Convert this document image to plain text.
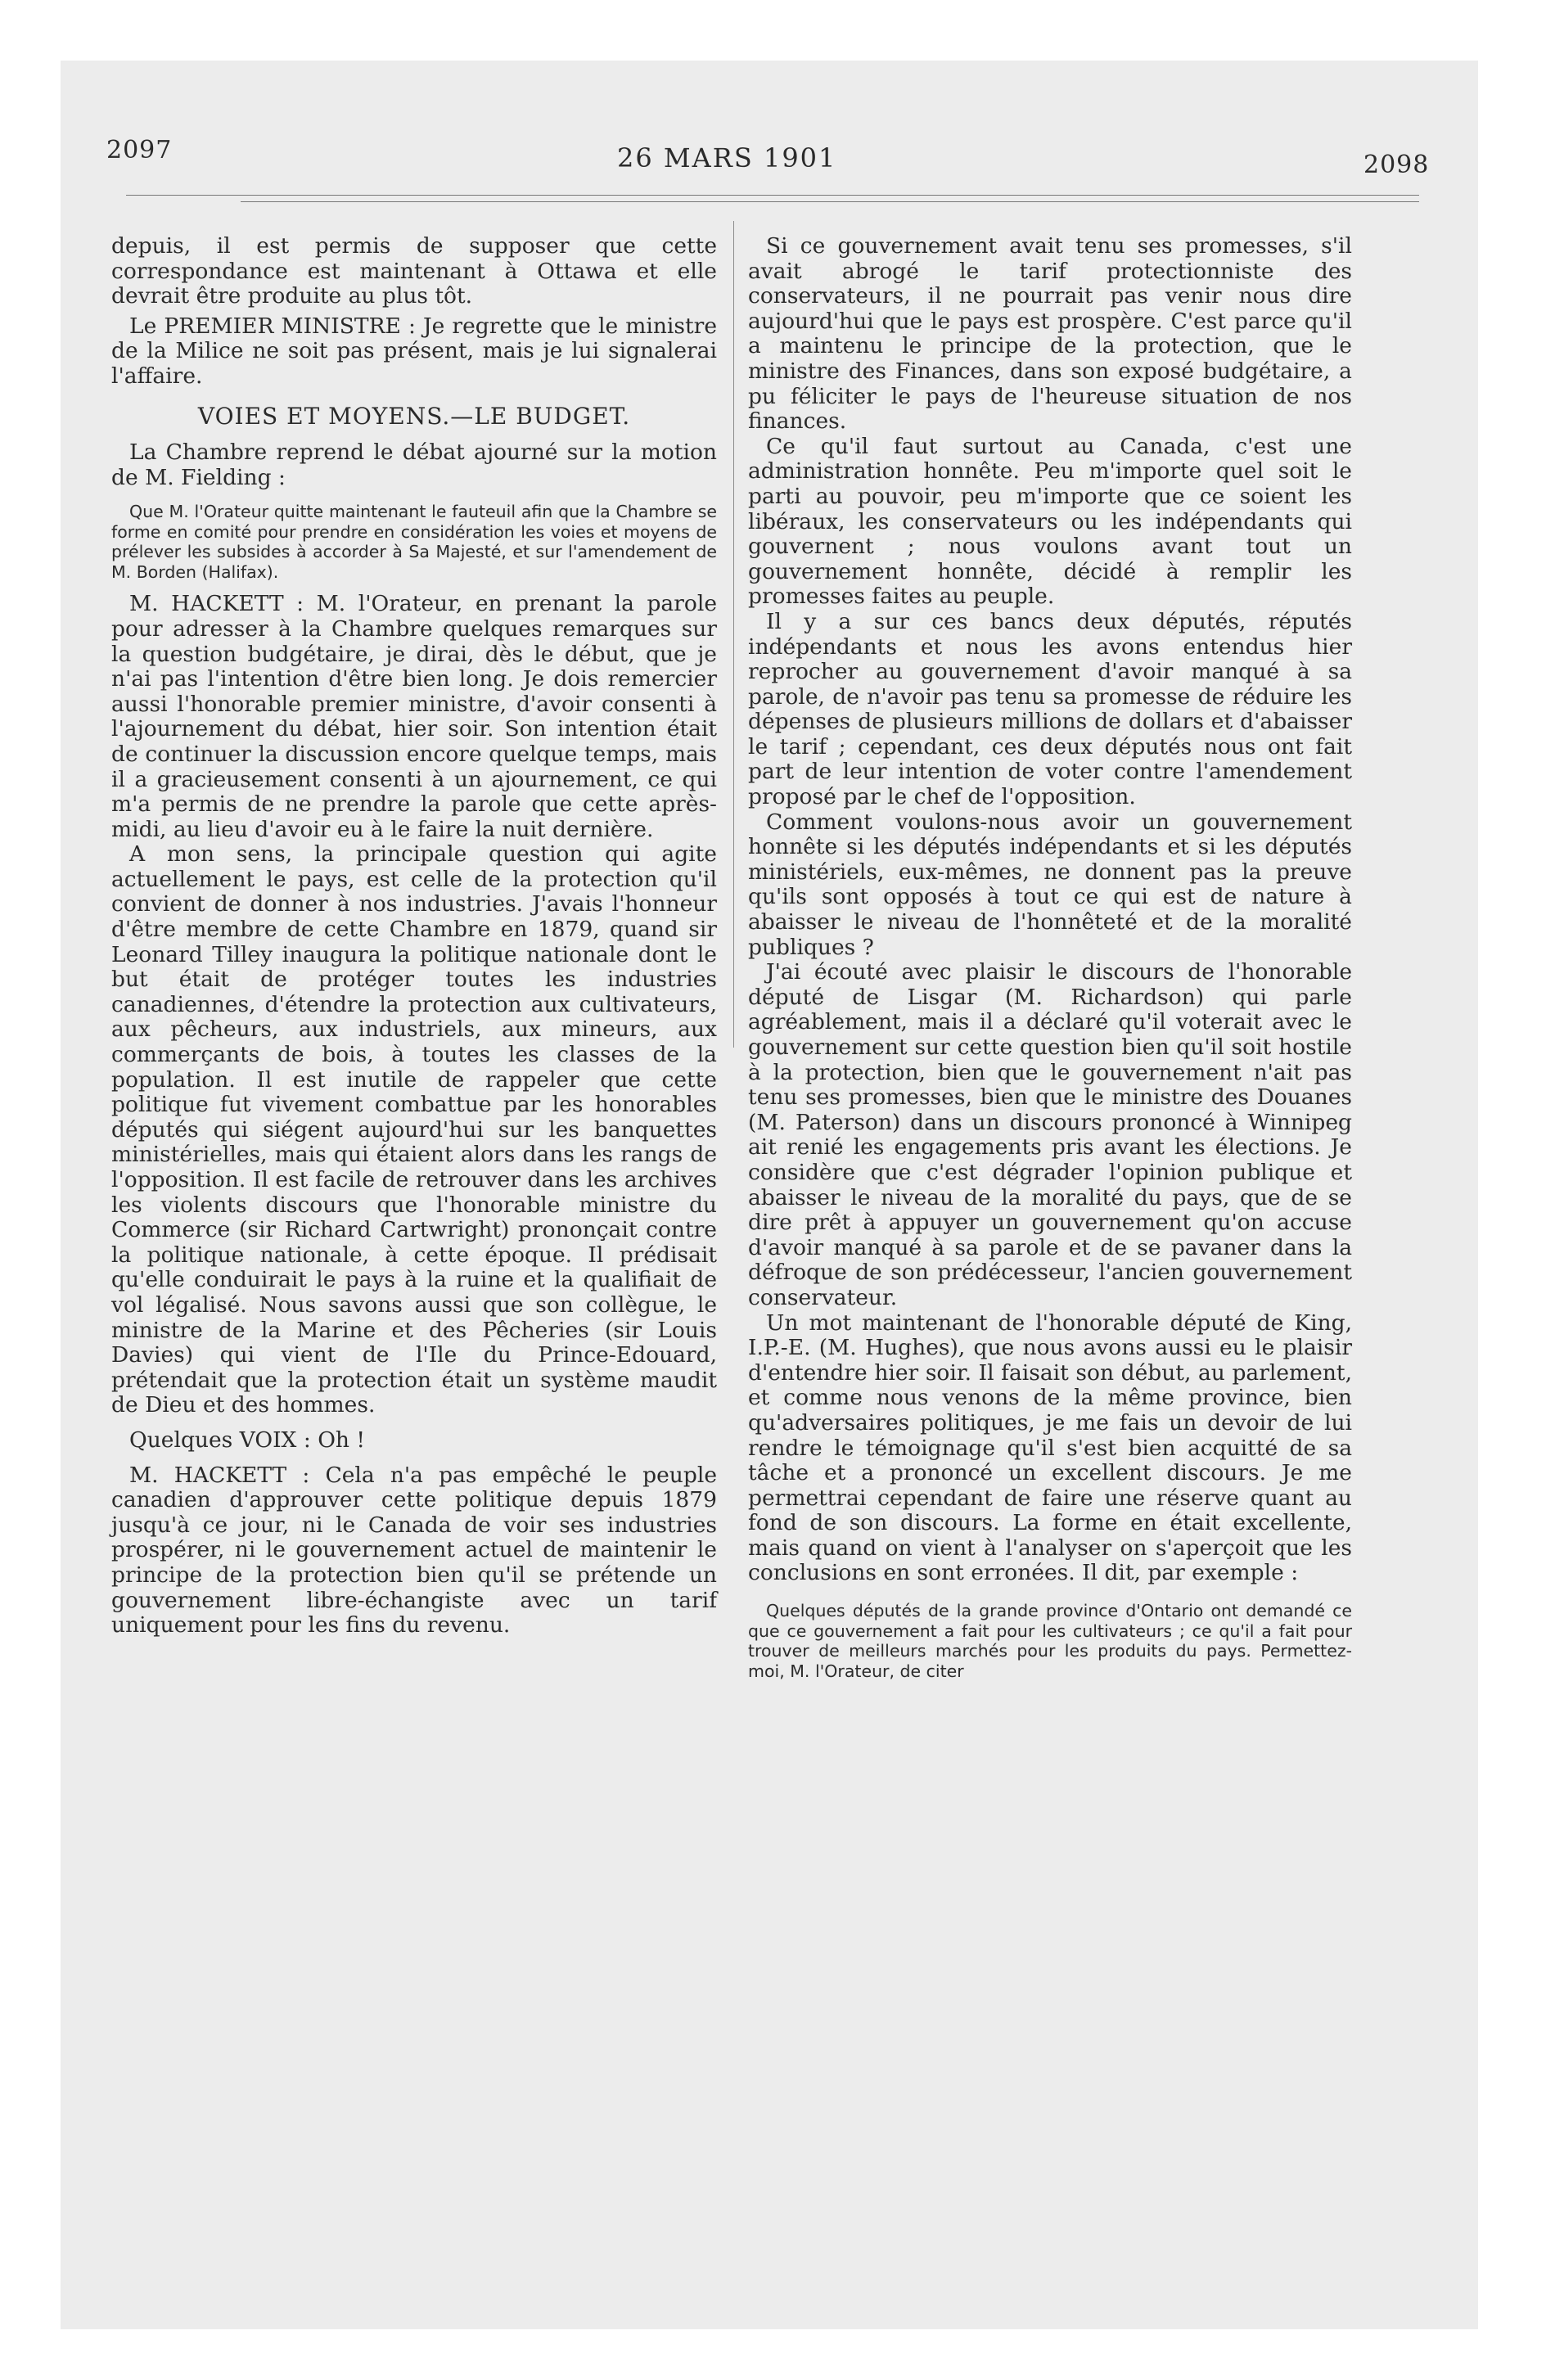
2097	26 MARS 1901	2098

depuis, il est permis de supposer que cette correspondance est maintenant à Ottawa et elle devrait être produite au plus tôt.

Le PREMIER MINISTRE : Je regrette que le ministre de la Milice ne soit pas présent, mais je lui signalerai l'affaire.

VOIES ET MOYENS.—LE BUDGET.

La Chambre reprend le débat ajourné sur la motion de M. Fielding :

Que M. l'Orateur quitte maintenant le fauteuil afin que la Chambre se forme en comité pour prendre en considération les voies et moyens de prélever les subsides à accorder à Sa Majesté, et sur l'amendement de M. Borden (Halifax).

M. HACKETT : M. l'Orateur, en prenant la parole pour adresser à la Chambre quelques remarques sur la question budgétaire, je dirai, dès le début, que je n'ai pas l'intention d'être bien long. Je dois remercier aussi l'honorable premier ministre, d'avoir consenti à l'ajournement du débat, hier soir. Son intention était de continuer la discussion encore quelque temps, mais il a gracieusement consenti à un ajournement, ce qui m'a permis de ne prendre la parole que cette après-midi, au lieu d'avoir eu à le faire la nuit dernière.

A mon sens, la principale question qui agite actuellement le pays, est celle de la protection qu'il convient de donner à nos industries. J'avais l'honneur d'être membre de cette Chambre en 1879, quand sir Leonard Tilley inaugura la politique nationale dont le but était de protéger toutes les industries canadiennes, d'étendre la protection aux cultivateurs, aux pêcheurs, aux industriels, aux mineurs, aux commerçants de bois, à toutes les classes de la population. Il est inutile de rappeler que cette politique fut vivement combattue par les honorables députés qui siégent aujourd'hui sur les banquettes ministérielles, mais qui étaient alors dans les rangs de l'opposition. Il est facile de retrouver dans les archives les violents discours que l'honorable ministre du Commerce (sir Richard Cartwright) prononçait contre la politique nationale, à cette époque. Il prédisait qu'elle conduirait le pays à la ruine et la qualifiait de vol légalisé. Nous savons aussi que son collègue, le ministre de la Marine et des Pêcheries (sir Louis Davies) qui vient de l'Ile du Prince-Edouard, prétendait que la protection était un système maudit de Dieu et des hommes.

Quelques VOIX : Oh !

M. HACKETT : Cela n'a pas empêché le peuple canadien d'approuver cette politique depuis 1879 jusqu'à ce jour, ni le Canada de voir ses industries prospérer, ni le gouvernement actuel de maintenir le principe de la protection bien qu'il se prétende un gouvernement libre-échangiste avec un tarif uniquement pour les fins du revenu.

Si ce gouvernement avait tenu ses promesses, s'il avait abrogé le tarif protectionniste des conservateurs, il ne pourrait pas venir nous dire aujourd'hui que le pays est prospère. C'est parce qu'il a maintenu le principe de la protection, que le ministre des Finances, dans son exposé budgétaire, a pu féliciter le pays de l'heureuse situation de nos finances.

Ce qu'il faut surtout au Canada, c'est une administration honnête. Peu m'importe quel soit le parti au pouvoir, peu m'importe que ce soient les libéraux, les conservateurs ou les indépendants qui gouvernent ; nous voulons avant tout un gouvernement honnête, décidé à remplir les promesses faites au peuple.

Il y a sur ces bancs deux députés, réputés indépendants et nous les avons entendus hier reprocher au gouvernement d'avoir manqué à sa parole, de n'avoir pas tenu sa promesse de réduire les dépenses de plusieurs millions de dollars et d'abaisser le tarif ; cependant, ces deux députés nous ont fait part de leur intention de voter contre l'amendement proposé par le chef de l'opposition.

Comment voulons-nous avoir un gouvernement honnête si les députés indépendants et si les députés ministériels, eux-mêmes, ne donnent pas la preuve qu'ils sont opposés à tout ce qui est de nature à abaisser le niveau de l'honnêteté et de la moralité publiques ?

J'ai écouté avec plaisir le discours de l'honorable député de Lisgar (M. Richardson) qui parle agréablement, mais il a déclaré qu'il voterait avec le gouvernement sur cette question bien qu'il soit hostile à la protection, bien que le gouvernement n'ait pas tenu ses promesses, bien que le ministre des Douanes (M. Paterson) dans un discours prononcé à Winnipeg ait renié les engagements pris avant les élections. Je considère que c'est dégrader l'opinion publique et abaisser le niveau de la moralité du pays, que de se dire prêt à appuyer un gouvernement qu'on accuse d'avoir manqué à sa parole et de se pavaner dans la défroque de son prédécesseur, l'ancien gouvernement conservateur.

Un mot maintenant de l'honorable député de King, I.P.-E. (M. Hughes), que nous avons aussi eu le plaisir d'entendre hier soir. Il faisait son début, au parlement, et comme nous venons de la même province, bien qu'adversaires politiques, je me fais un devoir de lui rendre le témoignage qu'il s'est bien acquitté de sa tâche et a prononcé un excellent discours. Je me permettrai cependant de faire une réserve quant au fond de son discours. La forme en était excellente, mais quand on vient à l'analyser on s'aperçoit que les conclusions en sont erronées. Il dit, par exemple :

Quelques députés de la grande province d'Ontario ont demandé ce que ce gouvernement a fait pour les cultivateurs ; ce qu'il a fait pour trouver de meilleurs marchés pour les produits du pays. Permettez-moi, M. l'Orateur, de citer
